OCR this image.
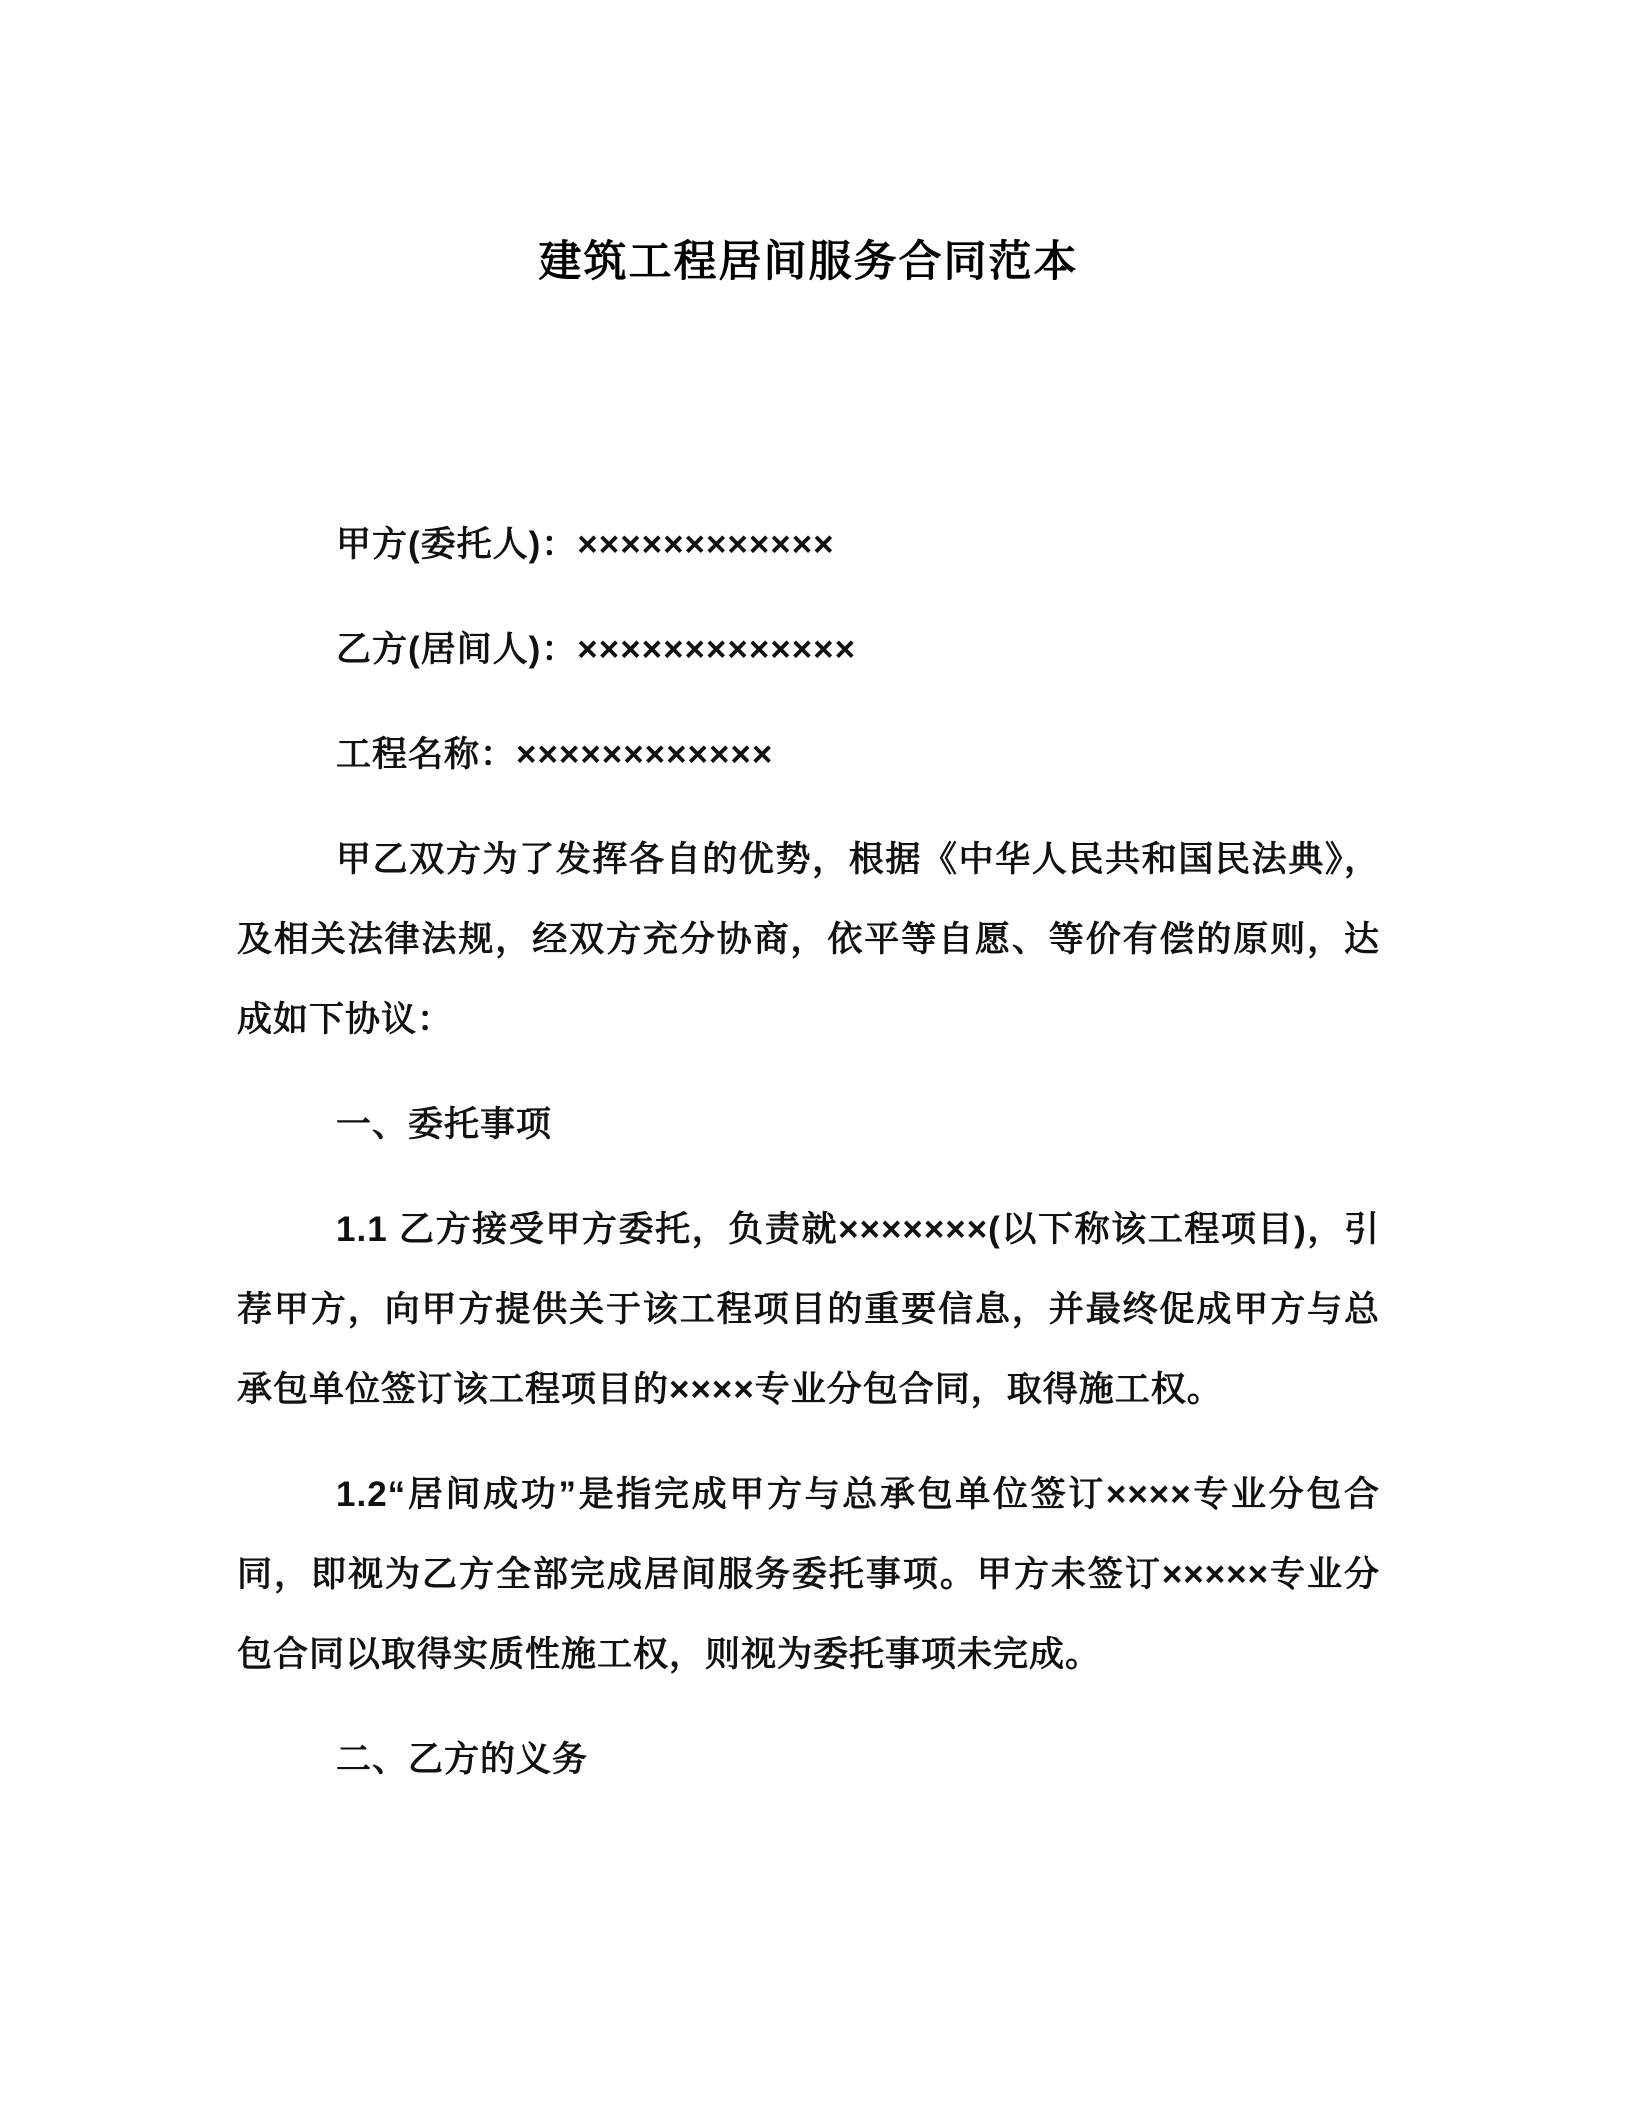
建筑工程居间服务合同范本

甲方(委托人)：××××××××××××

乙方(居间人)：×××××××××××××

工程名称：××××××××××××

甲乙双方为了发挥各自的优势，根据《中华人民共和国民法典》，及相关法律法规，经双方充分协商，依平等自愿、等价有偿的原则，达成如下协议：

一、委托事项

1.1 乙方接受甲方委托，负责就×××××××(以下称该工程项目)，引荐甲方，向甲方提供关于该工程项目的重要信息，并最终促成甲方与总承包单位签订该工程项目的××××专业分包合同，取得施工权。

1.2“居间成功”是指完成甲方与总承包单位签订××××专业分包合同，即视为乙方全部完成居间服务委托事项。甲方未签订×××××专业分包合同以取得实质性施工权，则视为委托事项未完成。

二、乙方的义务
